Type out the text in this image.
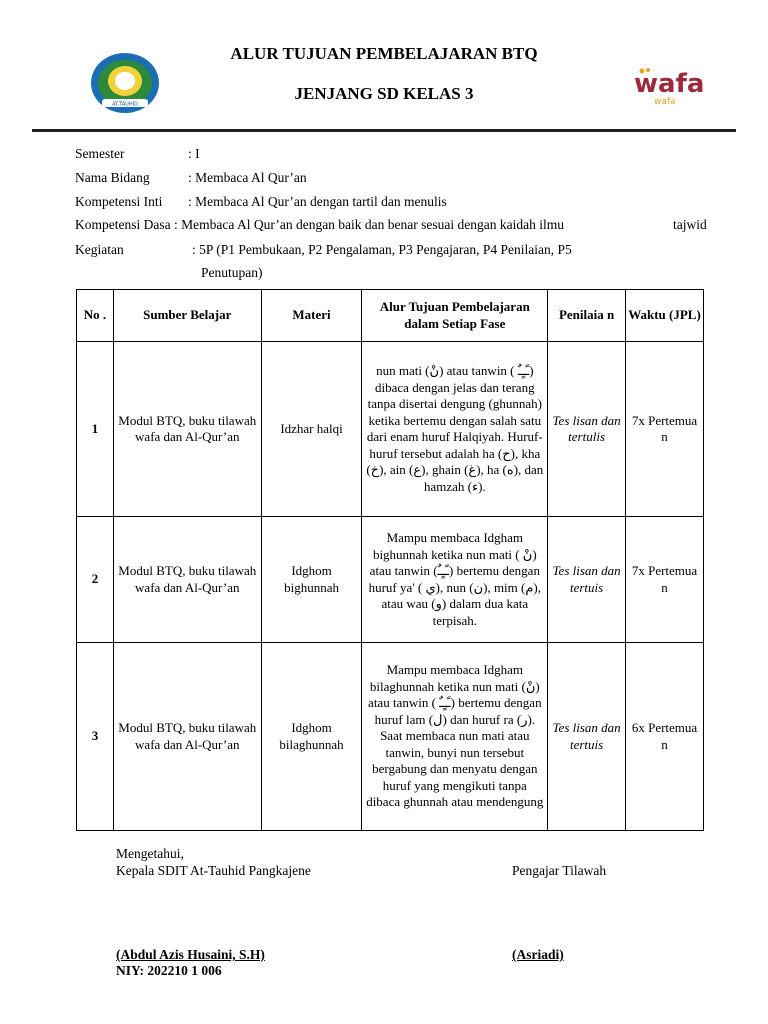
AT-TAUHID
wafa
wafa
ALUR TUJUAN PEMBELAJARAN BTQ
JENJANG SD KELAS 3
Semester	: I
Nama Bidang	: Membaca Al Qur’an
Kompetensi Inti : Membaca Al Qur’an dengan tartil dan menulis
Kompetensi Dasa : Membaca Al Qur’an dengan baik dan benar sesuai dengan kaidah ilmu	tajwid
Kegiatan	: 5P (P1 Pembukaan, P2 Pengalaman, P3 Pengajaran, P4 Penilaian, P5
Penutupan)
No .	Sumber Belajar	Materi	Alur Tujuan Pembelajaran dalam Setiap Fase	Penilaia n	Waktu (JPL)
1	Modul BTQ, buku tilawah wafa dan Al-Qur’an	Idzhar halqi	nun mati (نْ) atau tanwin ( ـًـٍـٌ) dibaca dengan jelas dan terang tanpa disertai dengung (ghunnah) ketika bertemu dengan salah satu dari enam huruf Halqiyah. Huruf-huruf tersebut adalah ha (ح), kha (خ), ain (ع), ghain (غ), ha (ه), dan hamzah (ء).	Tes lisan dan tertulis	7x Pertemua n
2	Modul BTQ, buku tilawah wafa dan Al-Qur’an	Idghom bighunnah	Mampu membaca Idgham bighunnah ketika nun mati ( نْ) atau tanwin (ـًـٍـٌ) bertemu dengan huruf ya' ( ي), nun (ن), mim (م), atau wau (و) dalam dua kata terpisah.	Tes lisan dan tertuis	7x Pertemua n
3	Modul BTQ, buku tilawah wafa dan Al-Qur’an	Idghom bilaghunnah	Mampu membaca Idgham bilaghunnah ketika nun mati (نْ) atau tanwin ( ـًـٍـٌ) bertemu dengan huruf lam (ل) dan huruf ra (ر). Saat membaca nun mati atau tanwin, bunyi nun tersebut bergabung dan menyatu dengan huruf yang mengikuti tanpa dibaca ghunnah atau mendengung	Tes lisan dan tertuis	6x Pertemua n
Mengetahui,
Kepala SDIT At-Tauhid Pangkajene	Pengajar Tilawah
(Abdul Azis Husaini, S.H)
NIY: 202210 1 006
(Asriadi)
